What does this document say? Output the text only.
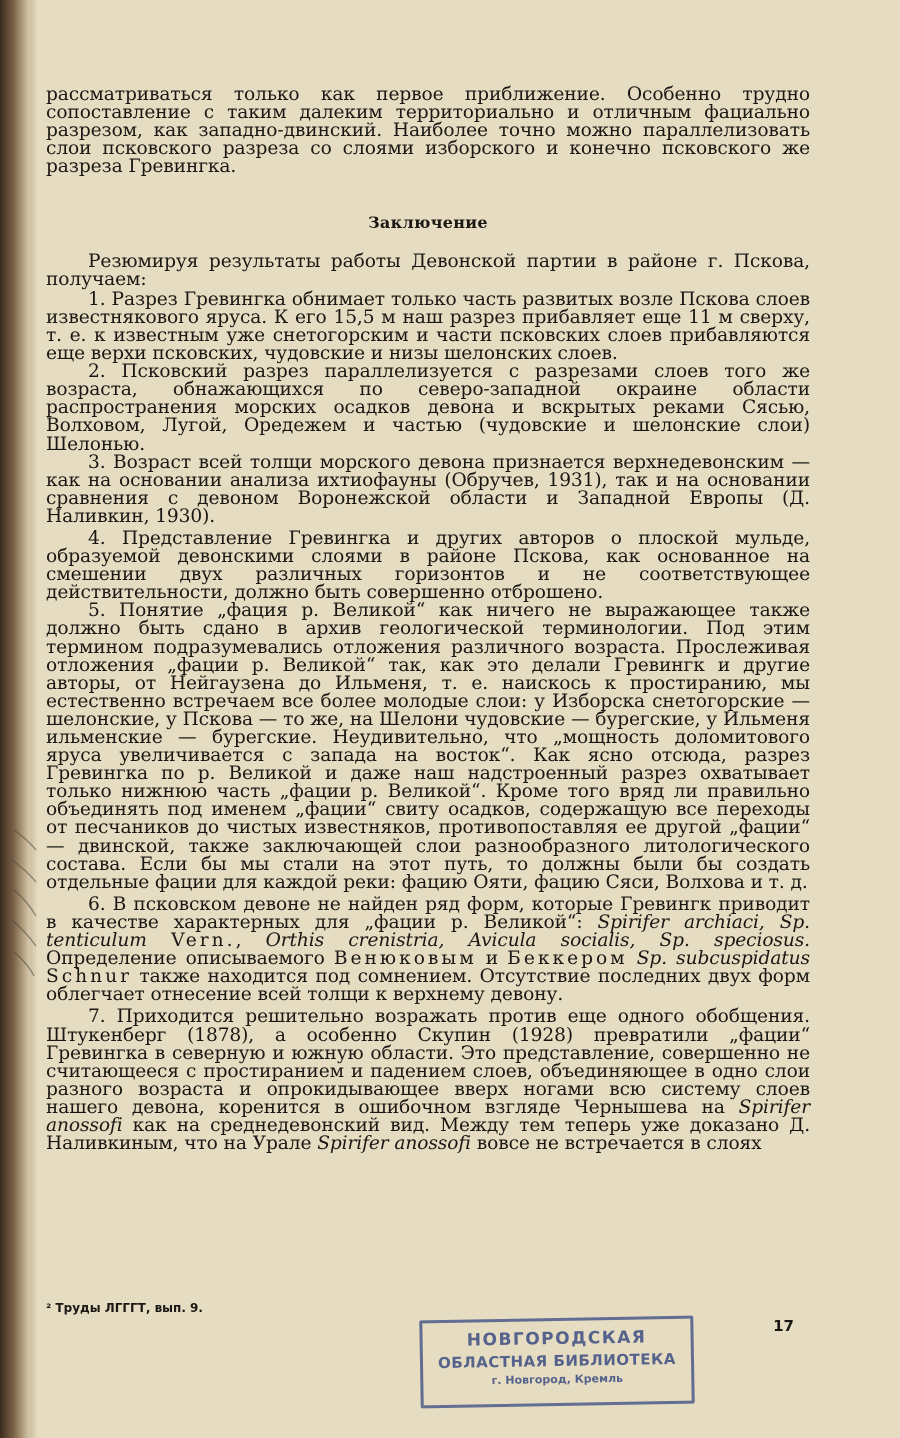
рассматриваться только как первое приближение. Особенно трудно сопоставление с таким далеким территориально и отличным фациально разрезом, как западно-двинский. Наиболее точно можно параллелизовать слои псковского разреза со слоями изборского и конечно псковского же разреза Гревингка.

Заключение

Резюмируя результаты работы Девонской партии в районе г. Пскова, получаем:

1. Разрез Гревингка обнимает только часть развитых возле Пскова слоев известнякового яруса. К его 15,5 м наш разрез прибавляет еще 11 м сверху, т. е. к известным уже снетогорским и части псковских слоев прибавляются еще верхи псковских, чудовские и низы шелонских слоев.

2. Псковский разрез параллелизуется с разрезами слоев того же возраста, обнажающихся по северо-западной окраине области распространения морских осадков девона и вскрытых реками Сясью, Волховом, Лугой, Оредежем и частью (чудовские и шелонские слои) Шелонью.

3. Возраст всей толщи морского девона признается верхнедевонским — как на основании анализа ихтиофауны (Обручев, 1931), так и на основании сравнения с девоном Воронежской области и Западной Европы (Д. Наливкин, 1930).

4. Представление Гревингка и других авторов о плоской мульде, образуемой девонскими слоями в районе Пскова, как основанное на смешении двух различных горизонтов и не соответствующее действительности, должно быть совершенно отброшено.

5. Понятие „фация р. Великой“ как ничего не выражающее также должно быть сдано в архив геологической терминологии. Под этим термином подразумевались отложения различного возраста. Прослеживая отложения „фации р. Великой“ так, как это делали Гревингк и другие авторы, от Нейгаузена до Ильменя, т. е. наискось к простиранию, мы естественно встречаем все более молодые слои: у Изборска снетогорские — шелонские, у Пскова — то же, на Шелони чудовские — бурегские, у Ильменя ильменские — бурегские. Неудивительно, что „мощность доломитового яруса увеличивается с запада на восток“. Как ясно отсюда, разрез Гревингка по р. Великой и даже наш надстроенный разрез охватывает только нижнюю часть „фации р. Великой“. Кроме того вряд ли правильно объединять под именем „фации“ свиту осадков, содержащую все переходы от песчаников до чистых известняков, противопоставляя ее другой „фации“ — двинской, также заключающей слои разнообразного литологического состава. Если бы мы стали на этот путь, то должны были бы создать отдельные фации для каждой реки: фацию Ояти, фацию Сяси, Волхова и т. д.

6. В псковском девоне не найден ряд форм, которые Гревингк приводит в качестве характерных для „фации р. Великой“: Spirifer archiaci, Sp. tenticulum Vern., Orthis crenistria, Avicula socialis, Sp. speciosus. Определение описываемого Венюковым и Беккером Sp. subcuspidatus Schnur также находится под сомнением. Отсутствие последних двух форм облегчает отнесение всей толщи к верхнему девону.

7. Приходится решительно возражать против еще одного обобщения. Штукенберг (1878), а особенно Скупин (1928) превратили „фации“ Гревингка в северную и южную области. Это представление, совершенно не считающееся с простиранием и падением слоев, объединяющее в одно слои разного возраста и опрокидывающее вверх ногами всю систему слоев нашего девона, коренится в ошибочном взгляде Чернышева на Spirifer anossofi как на среднедевонский вид. Между тем теперь уже доказано Д. Наливкиным, что на Урале Spirifer anossofi вовсе не встречается в слоях

² Труды ЛГГГТ, вып. 9.
17
НОВГОРОДСКАЯ
ОБЛАСТНАЯ БИБЛИОТЕКА
г. Новгород, Кремль
